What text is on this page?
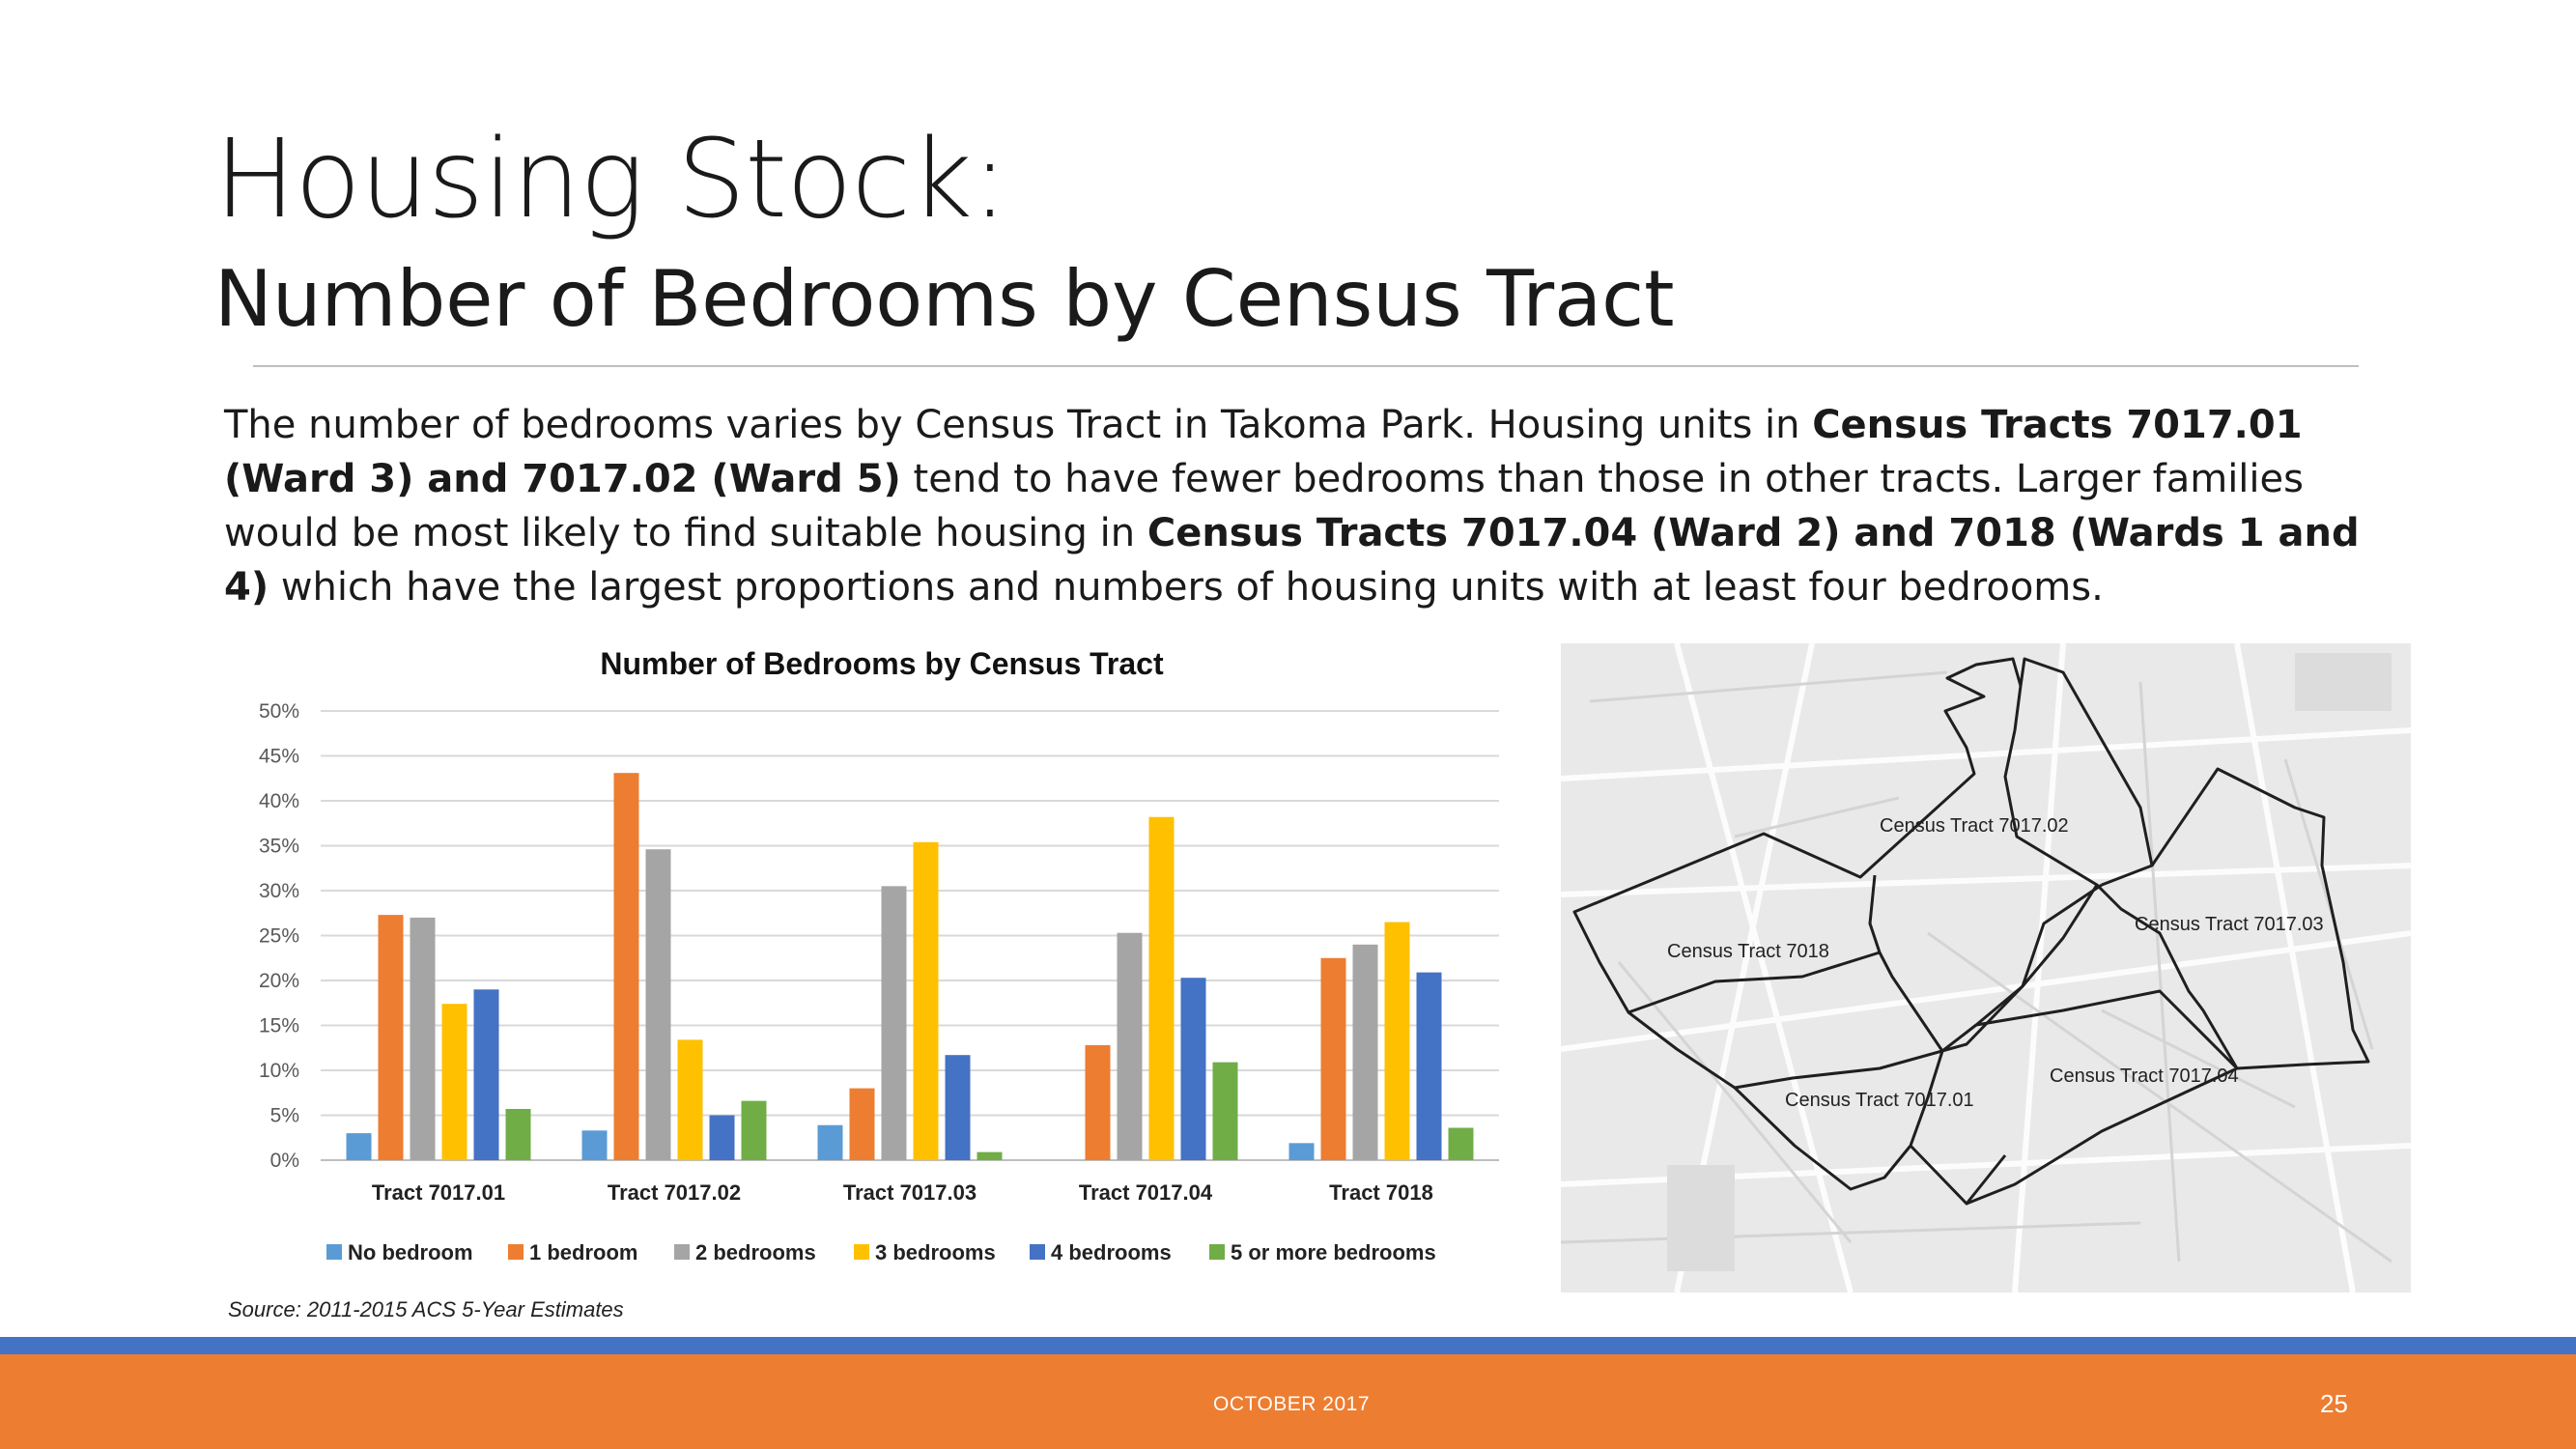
Housing Stock:
Number of Bedrooms by Census Tract
The number of bedrooms varies by Census Tract in Takoma Park. Housing units in Census Tracts 7017.01 (Ward 3) and 7017.02 (Ward 5) tend to have fewer bedrooms than those in other tracts. Larger families would be most likely to find suitable housing in Census Tracts 7017.04 (Ward 2) and 7018 (Wards 1 and 4) which have the largest proportions and numbers of housing units with at least four bedrooms.
Number of Bedrooms by Census Tract
0%
5%
10%
15%
20%
25%
30%
35%
40%
45%
50%
Tract 7017.01	Tract 7017.02	Tract 7017.03	Tract 7017.04	Tract 7018
No bedroom	1 bedroom	2 bedrooms	3 bedrooms	4 bedrooms	5 or more bedrooms
Source: 2011-2015 ACS 5-Year Estimates
Census Tract 7017.02
Census Tract 7018
Census Tract 7017.03
Census Tract 7017.04
Census Tract 7017.01
OCTOBER 2017	25
